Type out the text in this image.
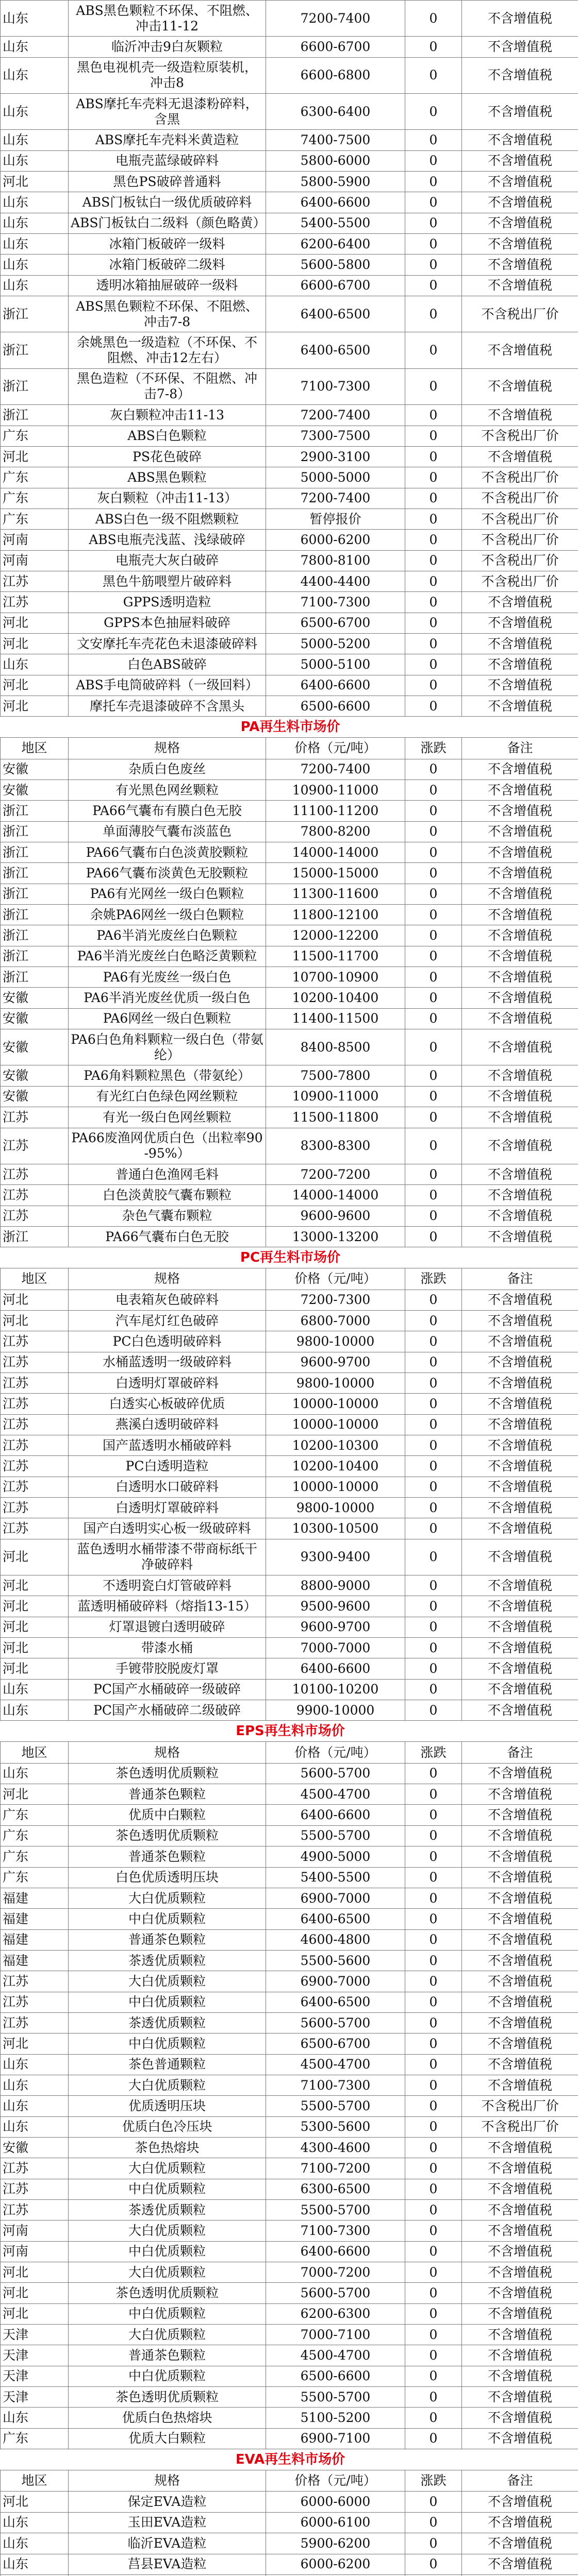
山东	ABS黑色颗粒不环保、不阻燃、冲击11-12	7200-7400	0	不含增值税
山东	临沂冲击9白灰颗粒	6600-6700	0	不含增值税
山东	黑色电视机壳一级造粒原装机，冲击8	6600-6800	0	不含增值税
山东	ABS摩托车壳料无退漆粉碎料，含黑	6300-6400	0	不含增值税
山东	ABS摩托车壳料米黄造粒	7400-7500	0	不含增值税
山东	电瓶壳蓝绿破碎料	5800-6000	0	不含增值税
河北	黑色PS破碎普通料	5800-5900	0	不含增值税
山东	ABS门板钛白一级优质破碎料	6400-6600	0	不含增值税
山东	ABS门板钛白二级料（颜色略黄）	5400-5500	0	不含增值税
山东	冰箱门板破碎一级料	6200-6400	0	不含增值税
山东	冰箱门板破碎二级料	5600-5800	0	不含增值税
山东	透明冰箱抽屉破碎一级料	6600-6700	0	不含增值税
浙江	ABS黑色颗粒不环保、不阻燃、冲击7-8	6400-6500	0	不含税出厂价
浙江	余姚黑色一级造粒（不环保、不阻燃、冲击12左右）	6400-6500	0	不含增值税
浙江	黑色造粒（不环保、不阻燃、冲击7-8）	7100-7300	0	不含增值税
浙江	灰白颗粒冲击11-13	7200-7400	0	不含增值税
广东	ABS白色颗粒	7300-7500	0	不含税出厂价
河北	PS花色破碎	2900-3100	0	不含增值税
广东	ABS黑色颗粒	5000-5000	0	不含税出厂价
广东	灰白颗粒（冲击11-13）	7200-7400	0	不含税出厂价
广东	ABS白色一级不阻燃颗粒	暂停报价	0	不含税出厂价
河南	ABS电瓶壳浅蓝、浅绿破碎	6000-6200	0	不含税出厂价
河南	电瓶壳大灰白破碎	7800-8100	0	不含税出厂价
江苏	黑色牛筋喂塑片破碎料	4400-4400	0	不含税出厂价
江苏	GPPS透明造粒	7100-7300	0	不含增值税
河北	GPPS本色抽屉料破碎	6500-6700	0	不含增值税
河北	文安摩托车壳花色未退漆破碎料	5000-5200	0	不含增值税
山东	白色ABS破碎	5000-5100	0	不含增值税
河北	ABS手电筒破碎料（一级回料）	6400-6600	0	不含增值税
河北	摩托车壳退漆破碎不含黑头	6500-6600	0	不含增值税

PA再生料市场价				

地区	规格	价格（元/吨）	涨跌	备注
安徽	杂质白色废丝	7200-7400	0	不含增值税
安徽	有光黑色网丝颗粒	10900-11000	0	不含增值税
浙江	PA66气囊布有膜白色无胶	11100-11200	0	不含增值税
浙江	单面薄胶气囊布淡蓝色	7800-8200	0	不含增值税
浙江	PA66气囊布白色淡黄胶颗粒	14000-14000	0	不含增值税
浙江	PA66气囊布淡黄色无胶颗粒	15000-15000	0	不含增值税
浙江	PA6有光网丝一级白色颗粒	11300-11600	0	不含增值税
浙江	余姚PA6网丝一级白色颗粒	11800-12100	0	不含增值税
浙江	PA6半消光废丝白色颗粒	12000-12200	0	不含增值税
浙江	PA6半消光废丝白色略泛黄颗粒	11500-11700	0	不含增值税
浙江	PA6有光废丝一级白色	10700-10900	0	不含增值税
安徽	PA6半消光废丝优质一级白色	10200-10400	0	不含增值税
安徽	PA6网丝一级白色颗粒	11400-11500	0	不含增值税
安徽	PA6白色角料颗粒一级白色（带氨纶）	8400-8500	0	不含增值税
安徽	PA6角料颗粒黑色（带氨纶）	7500-7800	0	不含增值税
安徽	有光红白色绿色网丝颗粒	10900-11000	0	不含增值税
江苏	有光一级白色网丝颗粒	11500-11800	0	不含增值税
江苏	PA66废渔网优质白色（出粒率90-95%）	8300-8300	0	不含增值税
江苏	普通白色渔网毛料	7200-7200	0	不含增值税
江苏	白色淡黄胶气囊布颗粒	14000-14000	0	不含增值税
江苏	杂色气囊布颗粒	9600-9600	0	不含增值税
浙江	PA66气囊布白色无胶	13000-13200	0	不含增值税

PC再生料市场价				

地区	规格	价格（元/吨）	涨跌	备注
河北	电表箱灰色破碎料	7200-7300	0	不含增值税
河北	汽车尾灯红色破碎	6800-7000	0	不含增值税
江苏	PC白色透明破碎料	9800-10000	0	不含增值税
江苏	水桶蓝透明一级破碎料	9600-9700	0	不含增值税
江苏	白透明灯罩破碎料	9800-10000	0	不含增值税
江苏	白透实心板破碎优质	10000-10000	0	不含增值税
江苏	燕溪白透明破碎料	10000-10000	0	不含增值税
江苏	国产蓝透明水桶破碎料	10200-10300	0	不含增值税
江苏	PC白透明造粒	10200-10400	0	不含增值税
江苏	白透明水口破碎料	10000-10000	0	不含增值税
江苏	白透明灯罩破碎料	9800-10000	0	不含增值税
江苏	国产白透明实心板一级破碎料	10300-10500	0	不含增值税
河北	蓝色透明水桶带漆不带商标纸干净破碎料	9300-9400	0	不含增值税
河北	不透明瓷白灯管破碎料	8800-9000	0	不含增值税
河北	蓝透明桶破碎料（熔指13-15）	9500-9600	0	不含增值税
河北	灯罩退镀白透明破碎	9600-9700	0	不含增值税
河北	带漆水桶	7000-7000	0	不含增值税
河北	手镀带胶脱废灯罩	6400-6600	0	不含增值税
山东	PC国产水桶破碎一级破碎	10100-10200	0	不含增值税
山东	PC国产水桶破碎二级破碎	9900-10000	0	不含增值税

EPS再生料市场价				

地区	规格	价格（元/吨）	涨跌	备注
山东	茶色透明优质颗粒	5600-5700	0	不含增值税
河北	普通茶色颗粒	4500-4700	0	不含增值税
广东	优质中白颗粒	6400-6600	0	不含增值税
广东	茶色透明优质颗粒	5500-5700	0	不含增值税
广东	普通茶色颗粒	4900-5000	0	不含增值税
广东	白色优质透明压块	5400-5500	0	不含增值税
福建	大白优质颗粒	6900-7000	0	不含增值税
福建	中白优质颗粒	6400-6500	0	不含增值税
福建	普通茶色颗粒	4600-4800	0	不含增值税
福建	茶透优质颗粒	5500-5600	0	不含增值税
江苏	大白优质颗粒	6900-7000	0	不含增值税
江苏	中白优质颗粒	6400-6500	0	不含增值税
江苏	茶透优质颗粒	5600-5700	0	不含增值税
河北	中白优质颗粒	6500-6700	0	不含增值税
山东	茶色普通颗粒	4500-4700	0	不含增值税
山东	大白优质颗粒	7100-7300	0	不含增值税
山东	优质透明压块	5500-5700	0	不含税出厂价
山东	优质白色冷压块	5300-5600	0	不含税出厂价
安徽	茶色热熔块	4300-4600	0	不含增值税
江苏	大白优质颗粒	7100-7200	0	不含增值税
江苏	中白优质颗粒	6300-6500	0	不含增值税
江苏	茶透优质颗粒	5500-5700	0	不含增值税
河南	大白优质颗粒	7100-7300	0	不含增值税
河南	中白优质颗粒	6400-6600	0	不含增值税
河北	大白优质颗粒	7000-7200	0	不含增值税
河北	茶色透明优质颗粒	5600-5700	0	不含增值税
河北	中白优质颗粒	6200-6300	0	不含增值税
天津	大白优质颗粒	7000-7100	0	不含增值税
天津	普通茶色颗粒	4500-4700	0	不含增值税
天津	中白优质颗粒	6500-6600	0	不含增值税
天津	茶色透明优质颗粒	5500-5700	0	不含增值税
山东	优质白色热熔块	5100-5200	0	不含增值税
广东	优质大白颗粒	6900-7100	0	不含增值税

EVA再生料市场价				

地区	规格	价格（元/吨）	涨跌	备注
河北	保定EVA造粒	6000-6000	0	不含增值税
山东	玉田EVA造粒	6000-6100	0	不含增值税
山东	临沂EVA造粒	5900-6200	0	不含增值税
山东	莒县EVA造粒	6000-6200	0	不含增值税
